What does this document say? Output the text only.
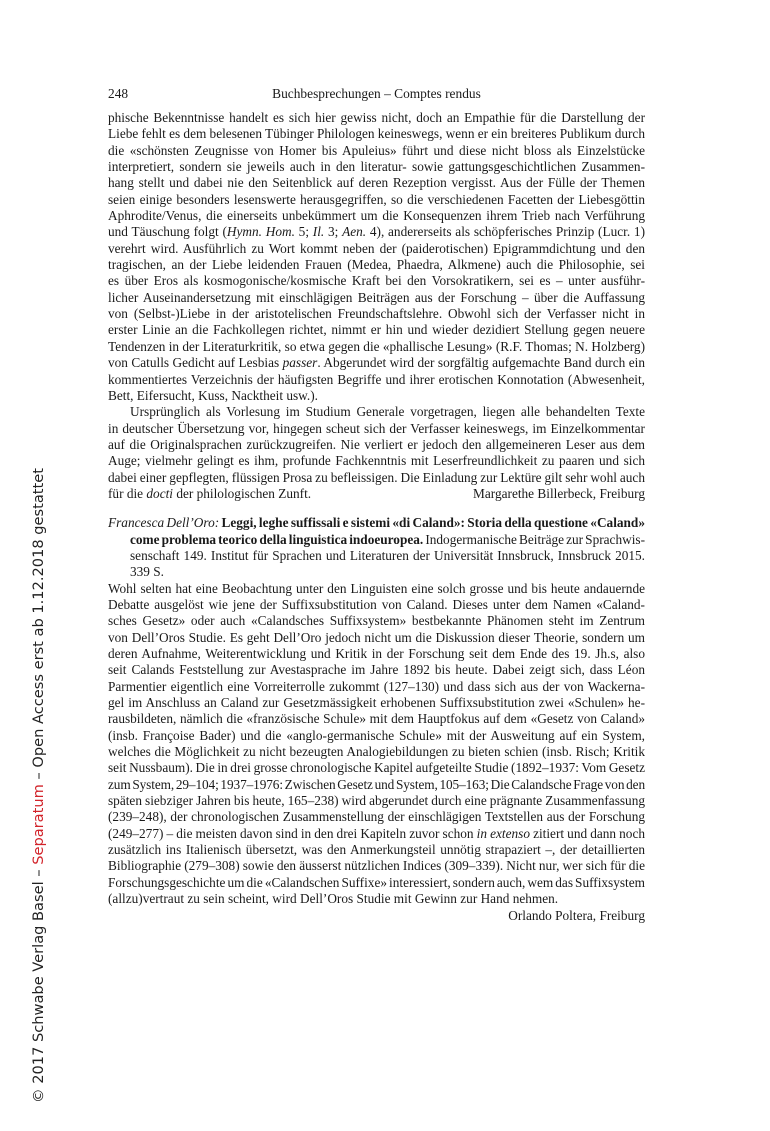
248	Buchbesprechungen – Comptes rendus
phische Bekenntnisse handelt es sich hier gewiss nicht, doch an Empathie für die Darstellung der
Liebe fehlt es dem belesenen Tübinger Philologen keineswegs, wenn er ein breiteres Publikum durch
die «schönsten Zeugnisse von Homer bis Apuleius» führt und diese nicht bloss als Einzelstücke
interpretiert, sondern sie jeweils auch in den literatur- sowie gattungsgeschichtlichen Zusammen-
hang stellt und dabei nie den Seitenblick auf deren Rezeption vergisst. Aus der Fülle der Themen
seien einige besonders lesenswerte herausgegriffen, so die verschiedenen Facetten der Liebesgöttin
Aphrodite/Venus, die einerseits unbekümmert um die Konsequenzen ihrem Trieb nach Verführung
und Täuschung folgt (Hymn. Hom. 5; Il. 3; Aen. 4), andererseits als schöpferisches Prinzip (Lucr. 1)
verehrt wird. Ausführlich zu Wort kommt neben der (paiderotischen) Epigrammdichtung und den
tragischen, an der Liebe leidenden Frauen (Medea, Phaedra, Alkmene) auch die Philosophie, sei
es über Eros als kosmogonische/kosmische Kraft bei den Vorsokratikern, sei es – unter ausführ-
licher Auseinandersetzung mit einschlägigen Beiträgen aus der Forschung – über die Auffassung
von (Selbst-)Liebe in der aristotelischen Freundschaftslehre. Obwohl sich der Verfasser nicht in
erster Linie an die Fachkollegen richtet, nimmt er hin und wieder dezidiert Stellung gegen neuere
Tendenzen in der Literaturkritik, so etwa gegen die «phallische Lesung» (R.F. Thomas; N. Holzberg)
von Catulls Gedicht auf Lesbias passer. Abgerundet wird der sorgfältig aufgemachte Band durch ein
kommentiertes Verzeichnis der häufigsten Begriffe und ihrer erotischen Konnotation (Abwesenheit,
Bett, Eifersucht, Kuss, Nacktheit usw.).
Ursprünglich als Vorlesung im Studium Generale vorgetragen, liegen alle behandelten Texte
in deutscher Übersetzung vor, hingegen scheut sich der Verfasser keineswegs, im Einzelkommentar
auf die Originalsprachen zurückzugreifen. Nie verliert er jedoch den allgemeineren Leser aus dem
Auge; vielmehr gelingt es ihm, profunde Fachkenntnis mit Leserfreundlichkeit zu paaren und sich
dabei einer gepflegten, flüssigen Prosa zu befleissigen. Die Einladung zur Lektüre gilt sehr wohl auch
Margarethe Billerbeck, Freiburg
für die docti der philologischen Zunft.
Francesca Dell’Oro: Leggi, leghe suffissali e sistemi «di Caland»: Storia della questione «Caland»
come problema teorico della linguistica indoeuropea. Indogermanische Beiträge zur Sprachwis-
senschaft 149. Institut für Sprachen und Literaturen der Universität Innsbruck, Innsbruck 2015.
339 S.
Wohl selten hat eine Beobachtung unter den Linguisten eine solch grosse und bis heute andauernde
Debatte ausgelöst wie jene der Suffixsubstitution von Caland. Dieses unter dem Namen «Caland-
sches Gesetz» oder auch «Calandsches Suffixsystem» bestbekannte Phänomen steht im Zentrum
von Dell’Oros Studie. Es geht Dell’Oro jedoch nicht um die Diskussion dieser Theorie, sondern um
deren Aufnahme, Weiterentwicklung und Kritik in der Forschung seit dem Ende des 19. Jh.s, also
seit Calands Feststellung zur Avestasprache im Jahre 1892 bis heute. Dabei zeigt sich, dass Léon
Parmentier eigentlich eine Vorreiterrolle zukommt (127–130) und dass sich aus der von Wackerna-
gel im Anschluss an Caland zur Gesetzmässigkeit erhobenen Suffixsubstitution zwei «Schulen» he-
rausbildeten, nämlich die «französische Schule» mit dem Hauptfokus auf dem «Gesetz von Caland»
(insb. Françoise Bader) und die «anglo-germanische Schule» mit der Ausweitung auf ein System,
welches die Möglichkeit zu nicht bezeugten Analogiebildungen zu bieten schien (insb. Risch; Kritik
seit Nussbaum). Die in drei grosse chronologische Kapitel aufgeteilte Studie (1892–1937: Vom Gesetz
zum System, 29–104; 1937–1976: Zwischen Gesetz und System, 105–163; Die Calandsche Frage von den
späten siebziger Jahren bis heute, 165–238) wird abgerundet durch eine prägnante Zusammenfassung
(239–248), der chronologischen Zusammenstellung der einschlägigen Textstellen aus der Forschung
(249–277) – die meisten davon sind in den drei Kapiteln zuvor schon in extenso zitiert und dann noch
zusätzlich ins Italienisch übersetzt, was den Anmerkungsteil unnötig strapaziert –, der detaillierten
Bibliographie (279–308) sowie den äusserst nützlichen Indices (309–339). Nicht nur, wer sich für die
Forschungsgeschichte um die «Calandschen Suffixe» interessiert, sondern auch, wem das Suffixsystem
(allzu)vertraut zu sein scheint, wird Dell’Oros Studie mit Gewinn zur Hand nehmen.
Orlando Poltera, Freiburg
© 2017 Schwabe Verlag Basel – Separatum – Open Access erst ab 1.12.2018 gestattet
